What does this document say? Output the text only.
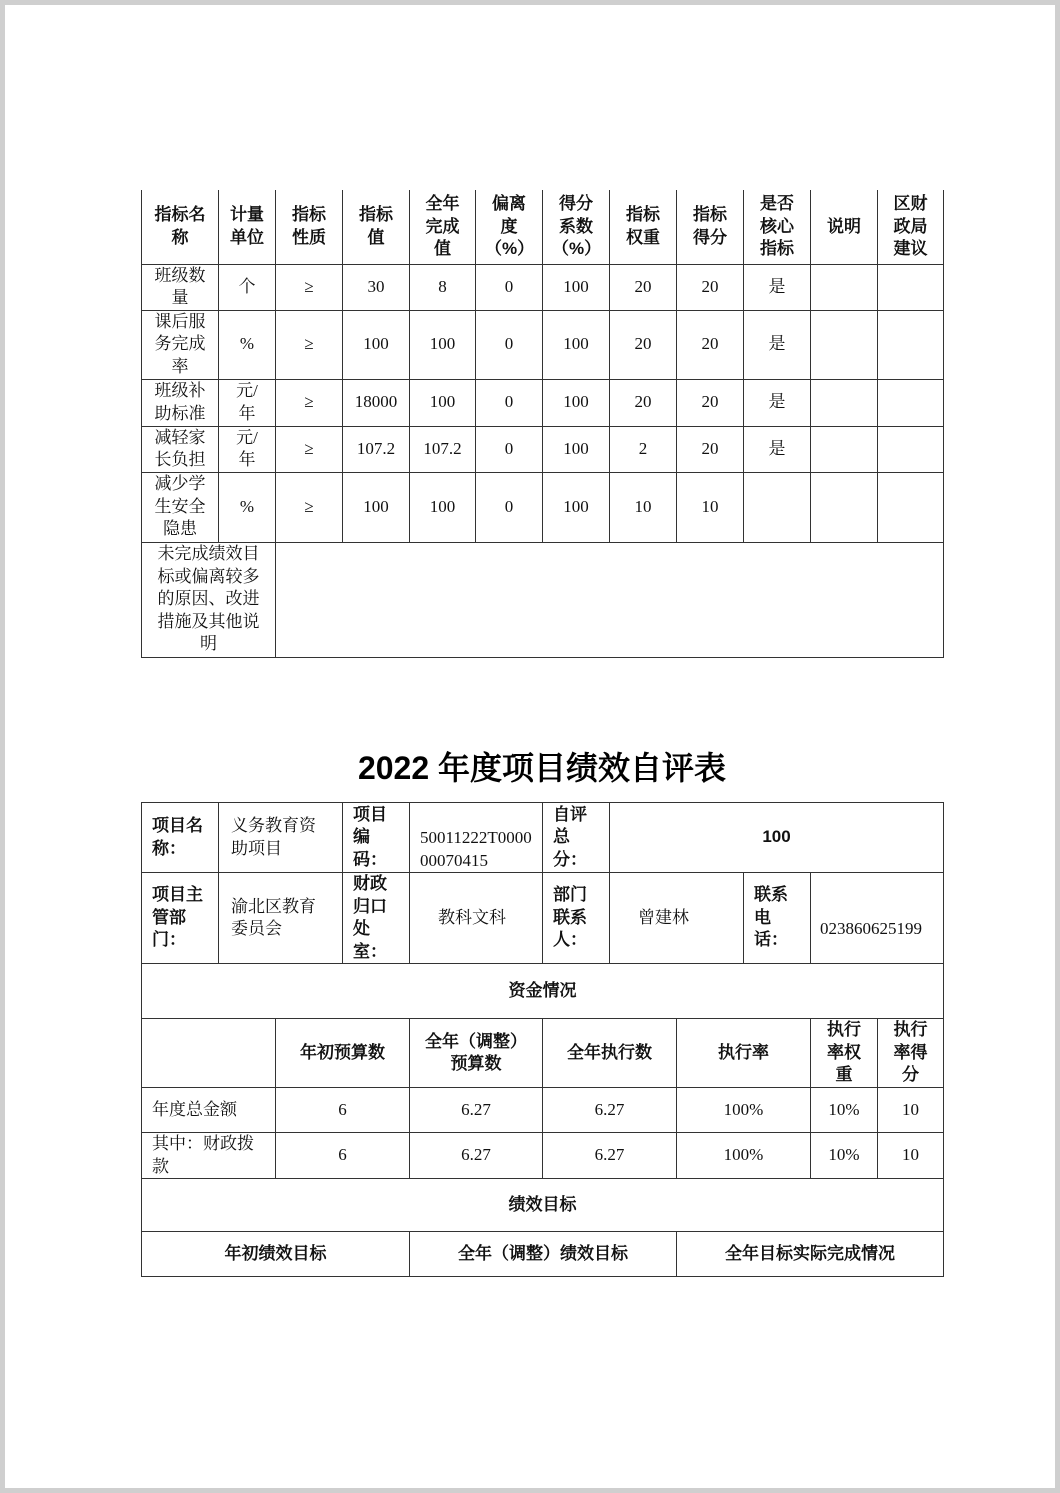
指标名称	计量单位	指标性质	指标值	全年完成值	偏离度（%）	得分系数（%）	指标权重	指标得分	是否核心指标	说明	区财政局建议
班级数量	个	≥	30	8	0	100	20	20	是		
课后服务完成率	%	≥	100	100	0	100	20	20	是		
班级补助标准	元/年	≥	18000	100	0	100	20	20	是		
减轻家长负担	元/年	≥	107.2	107.2	0	100	2	20	是		
减少学生安全隐患	%	≥	100	100	0	100	10	10			
未完成绩效目标或偏离较多的原因、改进措施及其他说明											
2022 年度项目绩效自评表
项目名称：	义务教育资助项目		项目编码：	50011222T000000070415	自评总分：	100				
项目主管部门：	渝北区教育委员会		财政归口处室：	教科文科	部门联系人：	曾建林		联系电话：	023860625199	
资金情况										
		年初预算数		全年（调整）预算数	全年执行数		执行率		执行率权重	执行率得分
年度总金额		6		6.27	6.27		100%		10%	10
其中：财政拨款		6		6.27	6.27		100%		10%	10
绩效目标										
年初绩效目标				全年（调整）绩效目标			全年目标实际完成情况			
